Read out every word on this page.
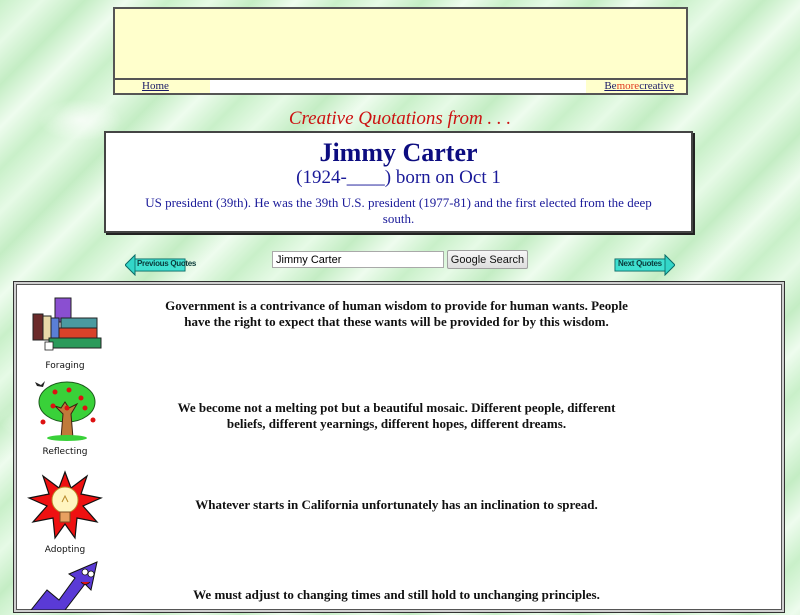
Home	Bemorecreative
Creative Quotations from . . .
Jimmy Carter
(1924-____) born on Oct 1
US president (39th). He was the 39th U.S. president (1977-81) and the first elected from the deep south.
Previous Quotes
Jimmy Carter	Google Search	Next Quotes
Foraging
Government is a contrivance of human wisdom to provide for human wants. People have the right to expect that these wants will be provided for by this wisdom.
Reflecting
We become not a melting pot but a beautiful mosaic. Different people, different beliefs, different yearnings, different hopes, different dreams.
Adopting
Whatever starts in California unfortunately has an inclination to spread.
We must adjust to changing times and still hold to unchanging principles.
